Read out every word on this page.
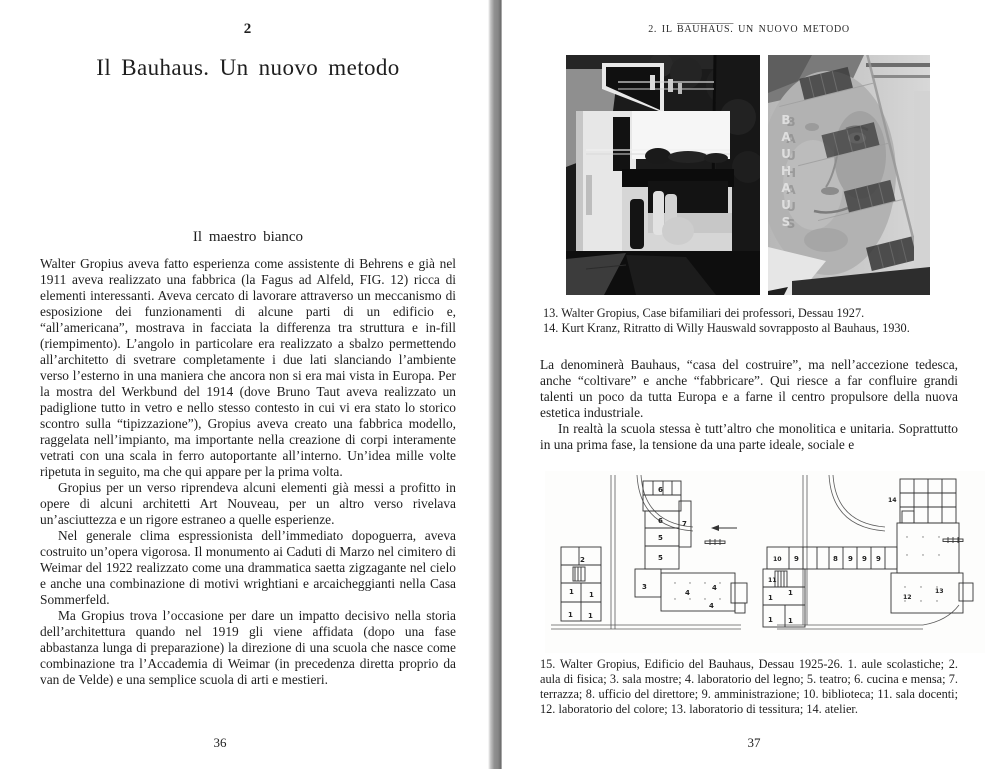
2
Il Bauhaus. Un nuovo metodo
Il maestro bianco

Walter Gropius aveva fatto esperienza come assistente di Behrens e già nel 1911 aveva realizzato una fabbrica (la Fagus ad Alfeld, FIG. 12) ricca di elementi interessanti. Aveva cercato di lavorare attraverso un meccanismo di esposizione dei funzionamenti di alcune parti di un edificio e, “all’americana”, mostrava in facciata la differenza tra struttura e in-fill (riempimento). L’angolo in particolare era realizzato a sbalzo permettendo all’architetto di svetrare completamente i due lati slanciando l’ambiente verso l’esterno in una maniera che ancora non si era mai vista in Europa. Per la mostra del Werkbund del 1914 (dove Bruno Taut aveva realizzato un padiglione tutto in vetro e nello stesso contesto in cui vi era stato lo storico scontro sulla “tipizzazione”), Gropius aveva creato una fabbrica modello, raggelata nell’impianto, ma importante nella creazione di corpi interamente vetrati con una scala in ferro autoportante all’interno. Un’idea mille volte ripetuta in seguito, ma che qui appare per la prima volta.

Gropius per un verso riprendeva alcuni elementi già messi a profitto in opere di alcuni architetti Art Nouveau, per un altro verso rivelava un’asciuttezza e un rigore estraneo a quelle esperienze.

Nel generale clima espressionista dell’immediato dopoguerra, aveva costruito un’opera vigorosa. Il monumento ai Caduti di Marzo nel cimitero di Weimar del 1922 realizzato come una drammatica saetta zigzagante nel cielo e anche una combinazione di motivi wrightiani e arcaicheggianti nella Casa Sommerfeld.

Ma Gropius trova l’occasione per dare un impatto decisivo nella storia dell’architettura quando nel 1919 gli viene affidata (dopo una fase abbastanza lunga di preparazione) la direzione di una scuola che nasce come combinazione tra l’Accademia di Weimar (in precedenza diretta proprio da van de Velde) e una semplice scuola di arti e mestieri.

36
2. IL BAUHAUS. UN NUOVO METODO
BAUHAUS
13. Walter Gropius, Case bifamiliari dei professori, Dessau 1927.
14. Kurt Kranz, Ritratto di Willy Hauswald sovrapposto al Bauhaus, 1930.

La denominerà Bauhaus, “casa del costruire”, ma nell’accezione tedesca, anche “coltivare” e anche “fabbricare”. Qui riesce a far confluire grandi talenti un poco da tutta Europa e a farne il centro propulsore della nuova estetica industriale.

In realtà la scuola stessa è tutt’altro che monolitica e unitaria. Soprattutto in una prima fase, la tensione da una parte ideale, sociale e

2
1 1
1 1
6
6
5
5
7
3
4
4
4
14
10 9	8 9 9 9
11
1
1
1 1
12
13
15. Walter Gropius, Edificio del Bauhaus, Dessau 1925-26. 1. aule scolastiche; 2. aula di fisica; 3. sala mostre; 4. laboratorio del legno; 5. teatro; 6. cucina e mensa; 7. terrazza; 8. ufficio del direttore; 9. amministrazione; 10. biblioteca; 11. sala docenti; 12. laboratorio del colore; 13. laboratorio di tessitura; 14. atelier.
37
